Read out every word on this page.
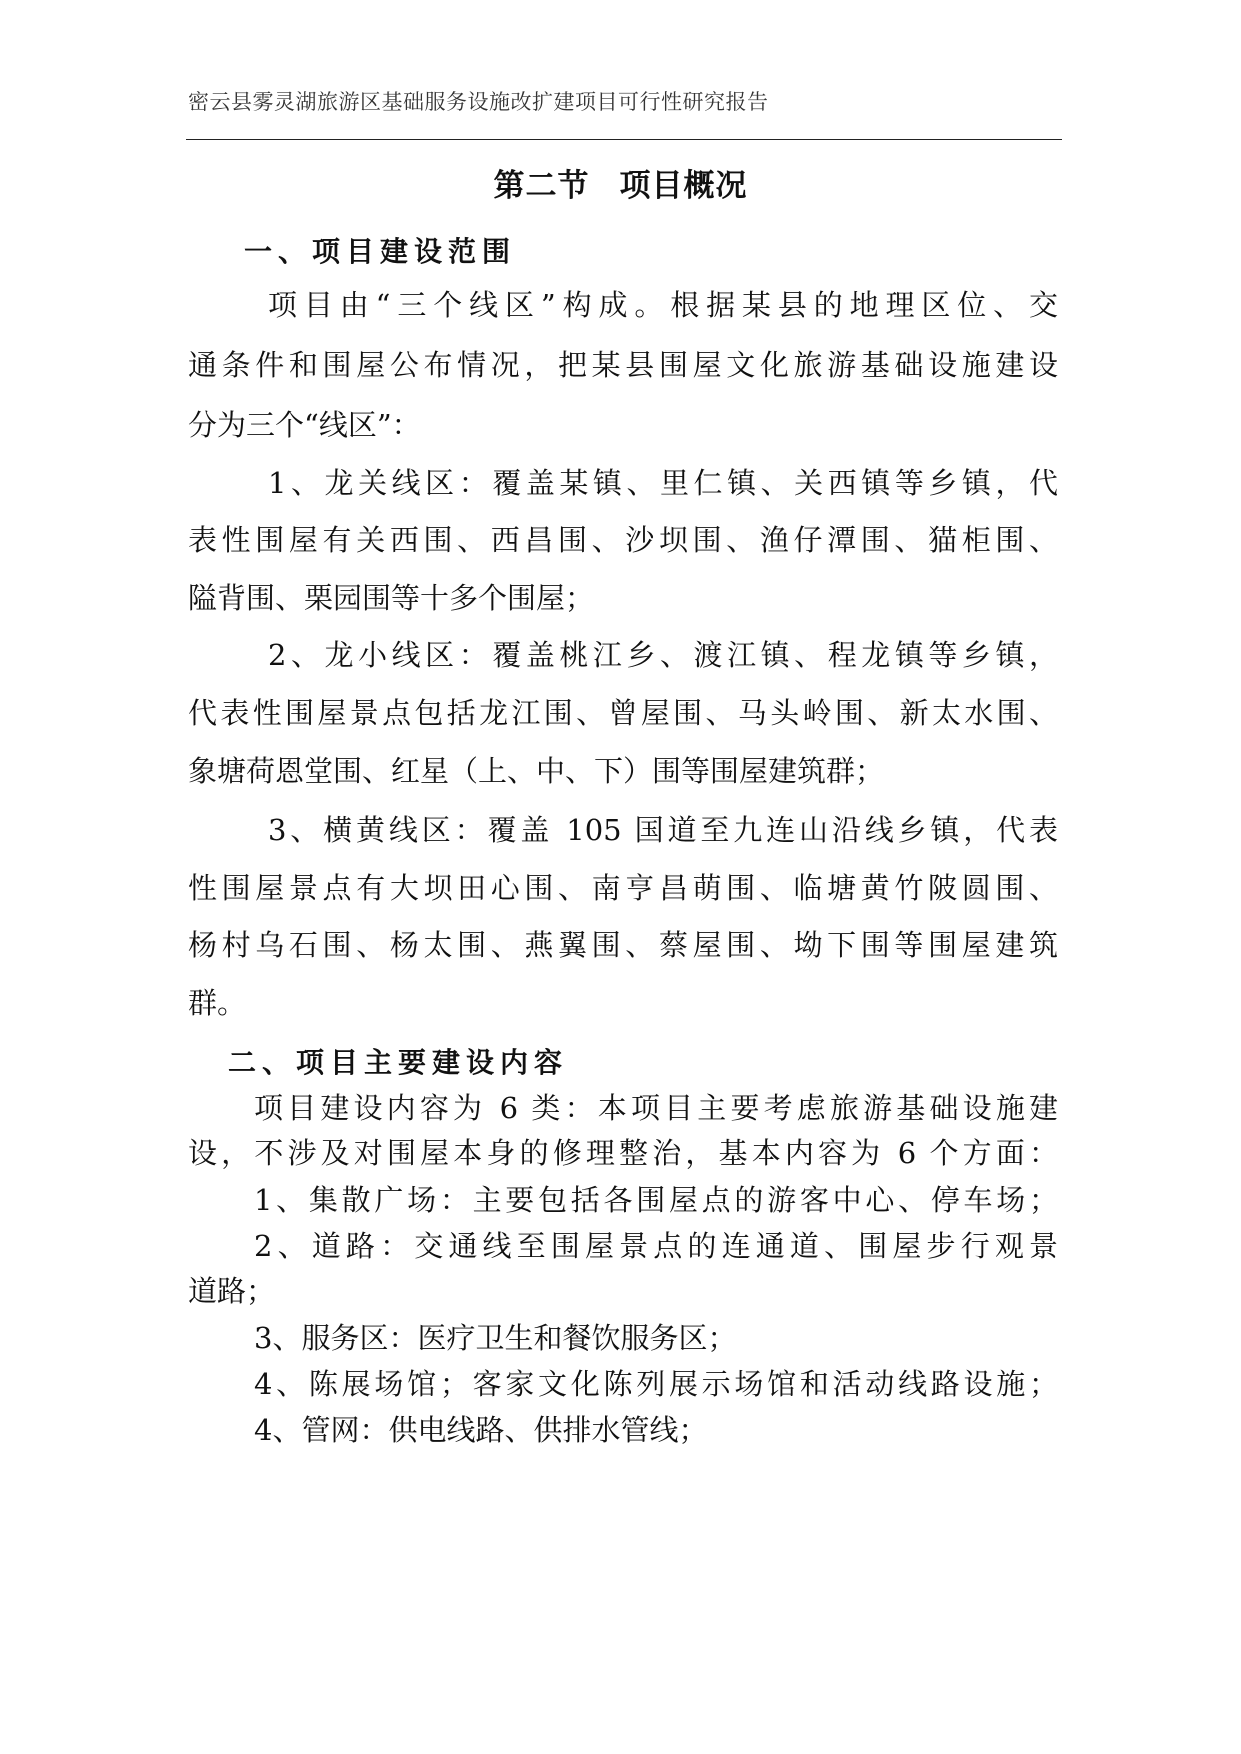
密云县雾灵湖旅游区基础服务设施改扩建项目可行性研究报告
第二节 项目概况
一、项目建设范围
项目由“三个线区”构成。根据某县的地理区位、交
通条件和围屋公布情况，把某县围屋文化旅游基础设施建设
分为三个“线区”：
1、龙关线区：覆盖某镇、里仁镇、关西镇等乡镇，代
表性围屋有关西围、西昌围、沙坝围、渔仔潭围、猫柜围、
隘背围、栗园围等十多个围屋；
2、龙小线区：覆盖桃江乡、渡江镇、程龙镇等乡镇，
代表性围屋景点包括龙江围、曾屋围、马头岭围、新太水围、
象塘荷恩堂围、红星（上、中、下）围等围屋建筑群；
3、横黄线区：覆盖 105 国道至九连山沿线乡镇，代表
性围屋景点有大坝田心围、南亨昌萌围、临塘黄竹陂圆围、
杨村乌石围、杨太围、燕翼围、蔡屋围、坳下围等围屋建筑
群。
二、项目主要建设内容
项目建设内容为 6 类：本项目主要考虑旅游基础设施建
设，不涉及对围屋本身的修理整治，基本内容为 6 个方面：
1、集散广场：主要包括各围屋点的游客中心、停车场；
2、道路：交通线至围屋景点的连通道、围屋步行观景
道路；
3、服务区：医疗卫生和餐饮服务区；
4、陈展场馆；客家文化陈列展示场馆和活动线路设施；
4、管网：供电线路、供排水管线；
